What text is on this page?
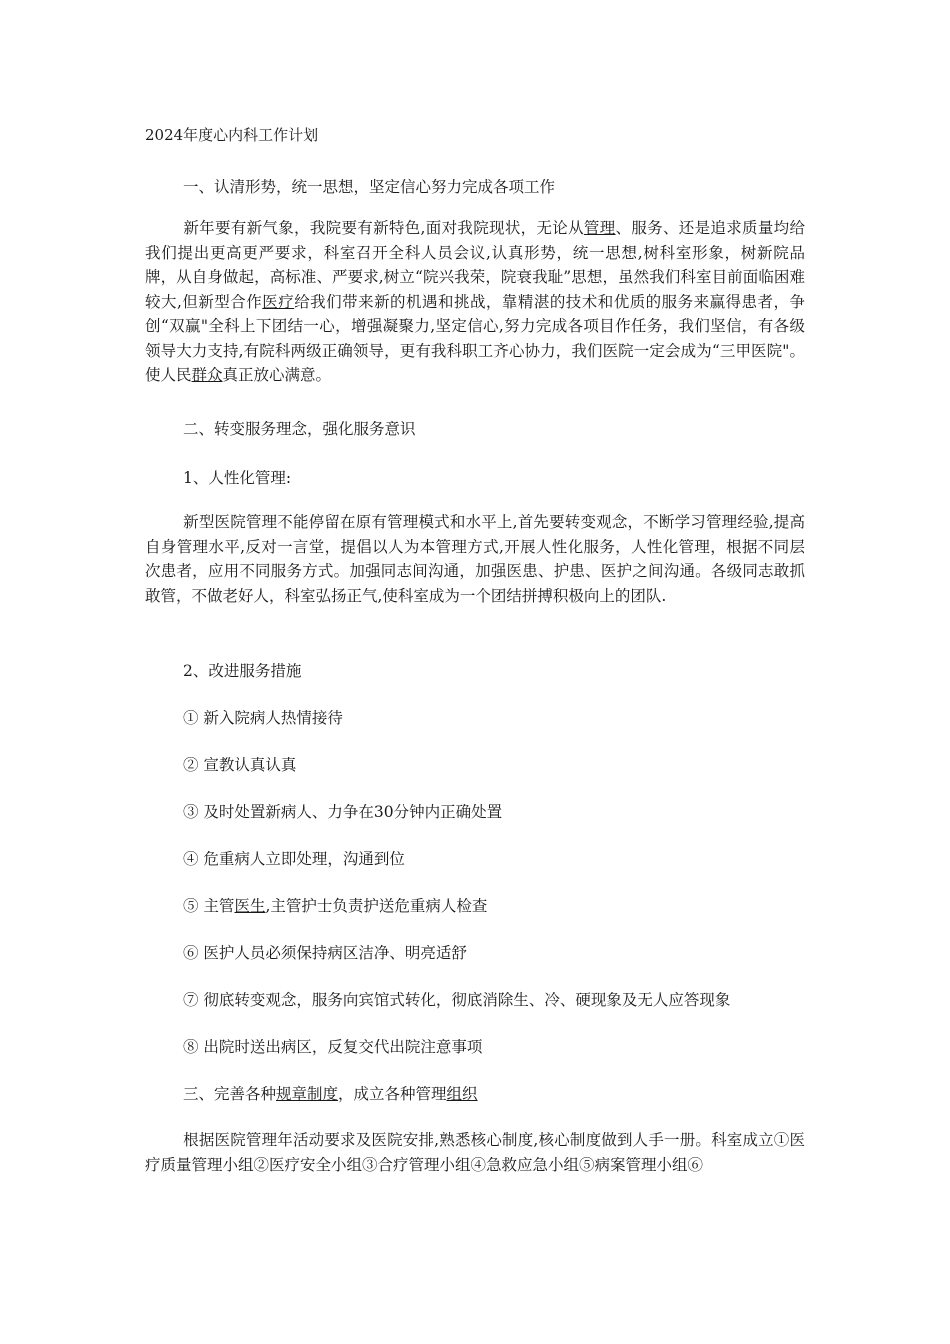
2024年度心内科工作计划
一、认清形势，统一思想，坚定信心努力完成各项工作
新年要有新气象，我院要有新特色,面对我院现状，无论从管理、服务、还是追求质量均给我们提出更高更严要求，科室召开全科人员会议,认真形势，统一思想,树科室形象，树新院品牌，从自身做起，高标准、严要求,树立“院兴我荣，院衰我耻”思想，虽然我们科室目前面临困难较大,但新型合作医疗给我们带来新的机遇和挑战，靠精湛的技术和优质的服务来赢得患者，争创“双赢"全科上下团结一心，增强凝聚力,坚定信心,努力完成各项目作任务，我们坚信，有各级领导大力支持,有院科两级正确领导，更有我科职工齐心协力，我们医院一定会成为“三甲医院"。使人民群众真正放心满意。
二、转变服务理念，强化服务意识
1、人性化管理:
新型医院管理不能停留在原有管理模式和水平上,首先要转变观念，不断学习管理经验,提高自身管理水平,反对一言堂，提倡以人为本管理方式,开展人性化服务，人性化管理，根据不同层次患者，应用不同服务方式。加强同志间沟通，加强医患、护患、医护之间沟通。各级同志敢抓敢管，不做老好人，科室弘扬正气,使科室成为一个团结拼搏积极向上的团队.
2、改进服务措施
① 新入院病人热情接待
② 宣教认真认真
③ 及时处置新病人、力争在30分钟内正确处置
④ 危重病人立即处理，沟通到位
⑤ 主管医生,主管护士负责护送危重病人检查
⑥ 医护人员必须保持病区洁净、明亮适舒
⑦ 彻底转变观念，服务向宾馆式转化，彻底消除生、冷、硬现象及无人应答现象
⑧ 出院时送出病区，反复交代出院注意事项
三、完善各种规章制度，成立各种管理组织
根据医院管理年活动要求及医院安排,熟悉核心制度,核心制度做到人手一册。科室成立①医疗质量管理小组②医疗安全小组③合疗管理小组④急救应急小组⑤病案管理小组⑥
